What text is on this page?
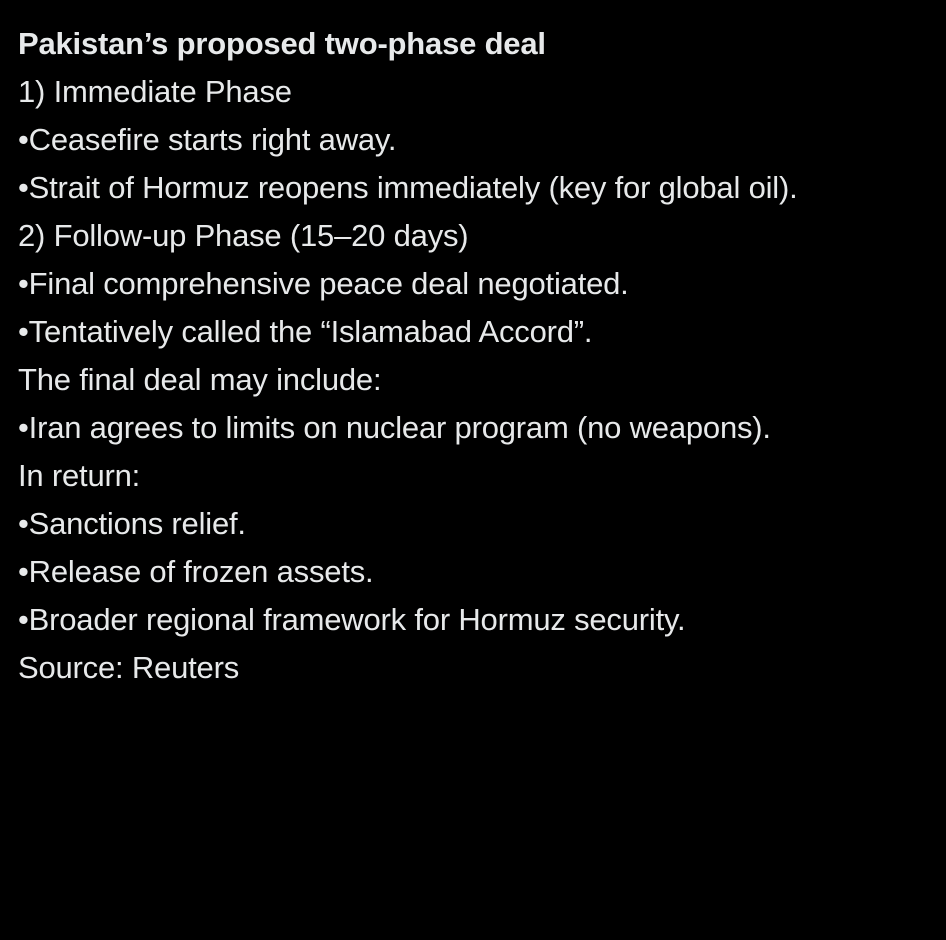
Pakistan’s proposed two-phase deal
1) Immediate Phase
•Ceasefire starts right away.
•Strait of Hormuz reopens immediately (key for global oil).
2) Follow-up Phase (15–20 days)
•Final comprehensive peace deal negotiated.
•Tentatively called the “Islamabad Accord”.
The final deal may include:
•Iran agrees to limits on nuclear program (no weapons).
In return:
•Sanctions relief.
•Release of frozen assets.
•Broader regional framework for Hormuz security.
Source: Reuters
